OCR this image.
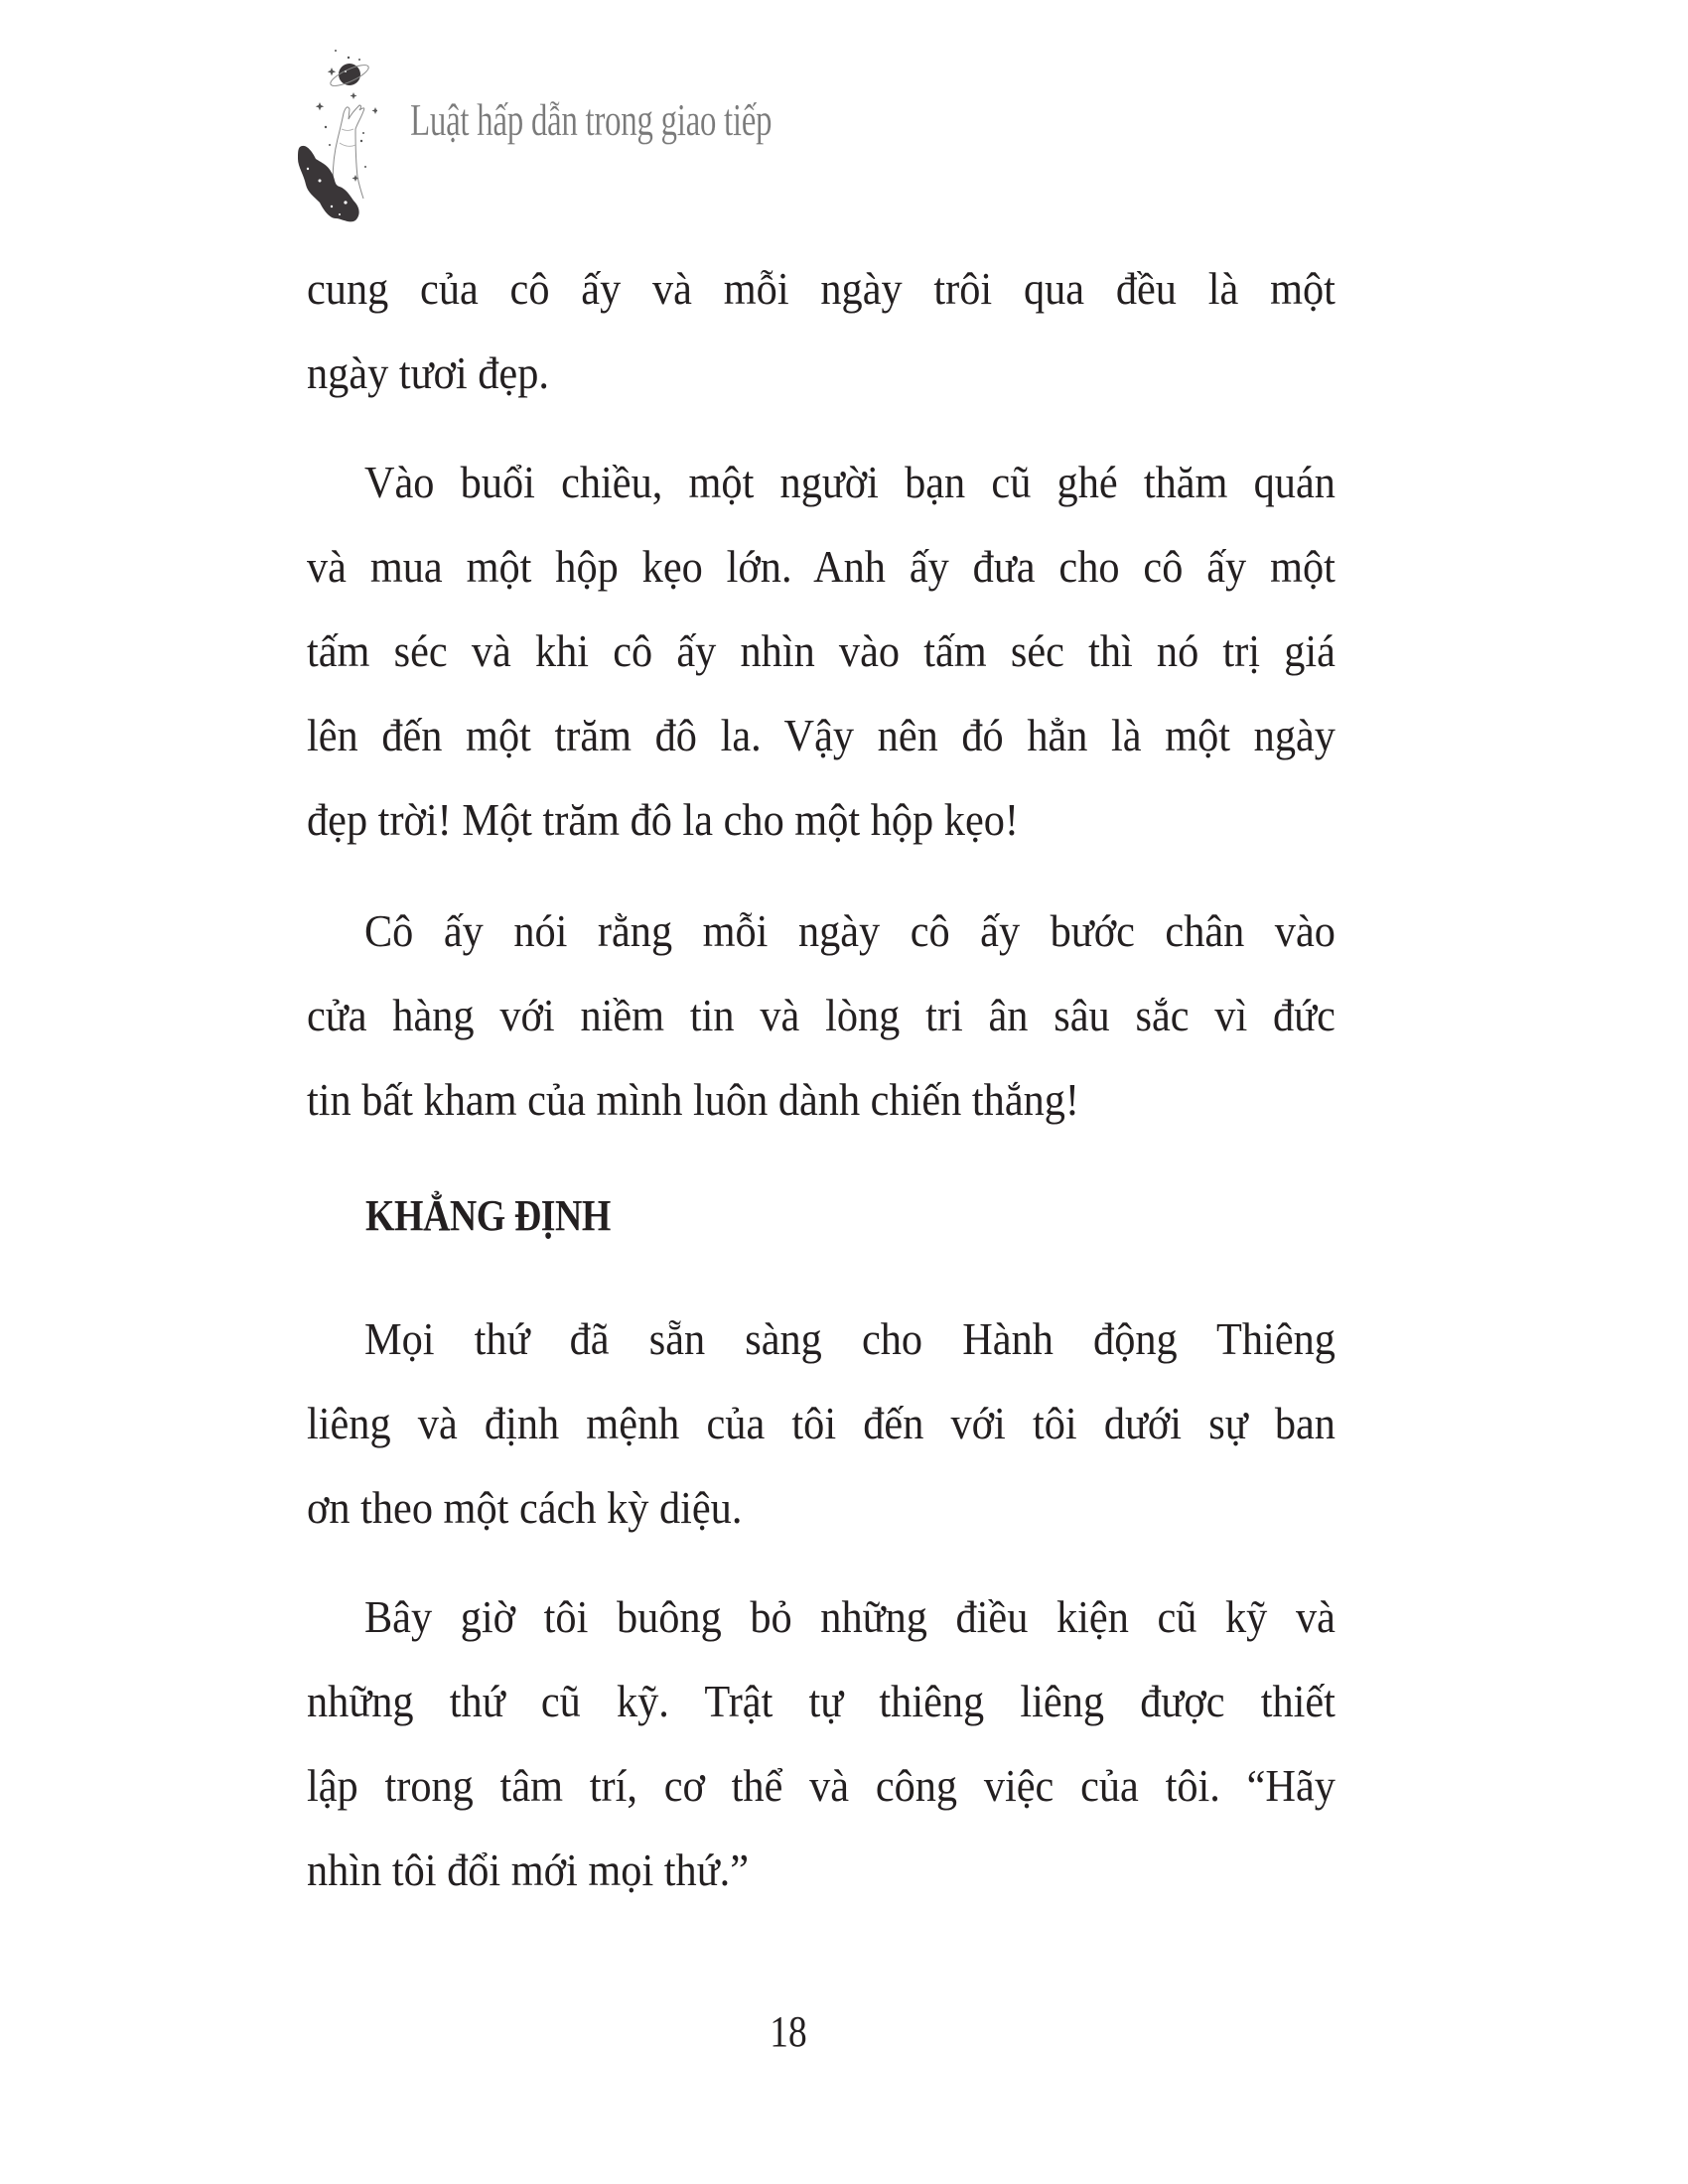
Luật hấp dẫn trong giao tiếp
cung của cô ấy và mỗi ngày trôi qua đều là một
ngày tươi đẹp.
Vào buổi chiều, một người bạn cũ ghé thăm quán
và mua một hộp kẹo lớn. Anh ấy đưa cho cô ấy một
tấm séc và khi cô ấy nhìn vào tấm séc thì nó trị giá
lên đến một trăm đô la. Vậy nên đó hẳn là một ngày
đẹp trời! Một trăm đô la cho một hộp kẹo!
Cô ấy nói rằng mỗi ngày cô ấy bước chân vào
cửa hàng với niềm tin và lòng tri ân sâu sắc vì đức
tin bất kham của mình luôn dành chiến thắng!
KHẲNG ĐỊNH
Mọi thứ đã sẵn sàng cho Hành động Thiêng
liêng và định mệnh của tôi đến với tôi dưới sự ban
ơn theo một cách kỳ diệu.
Bây giờ tôi buông bỏ những điều kiện cũ kỹ và
những thứ cũ kỹ. Trật tự thiêng liêng được thiết
lập trong tâm trí, cơ thể và công việc của tôi. “Hãy
nhìn tôi đổi mới mọi thứ.”
18
